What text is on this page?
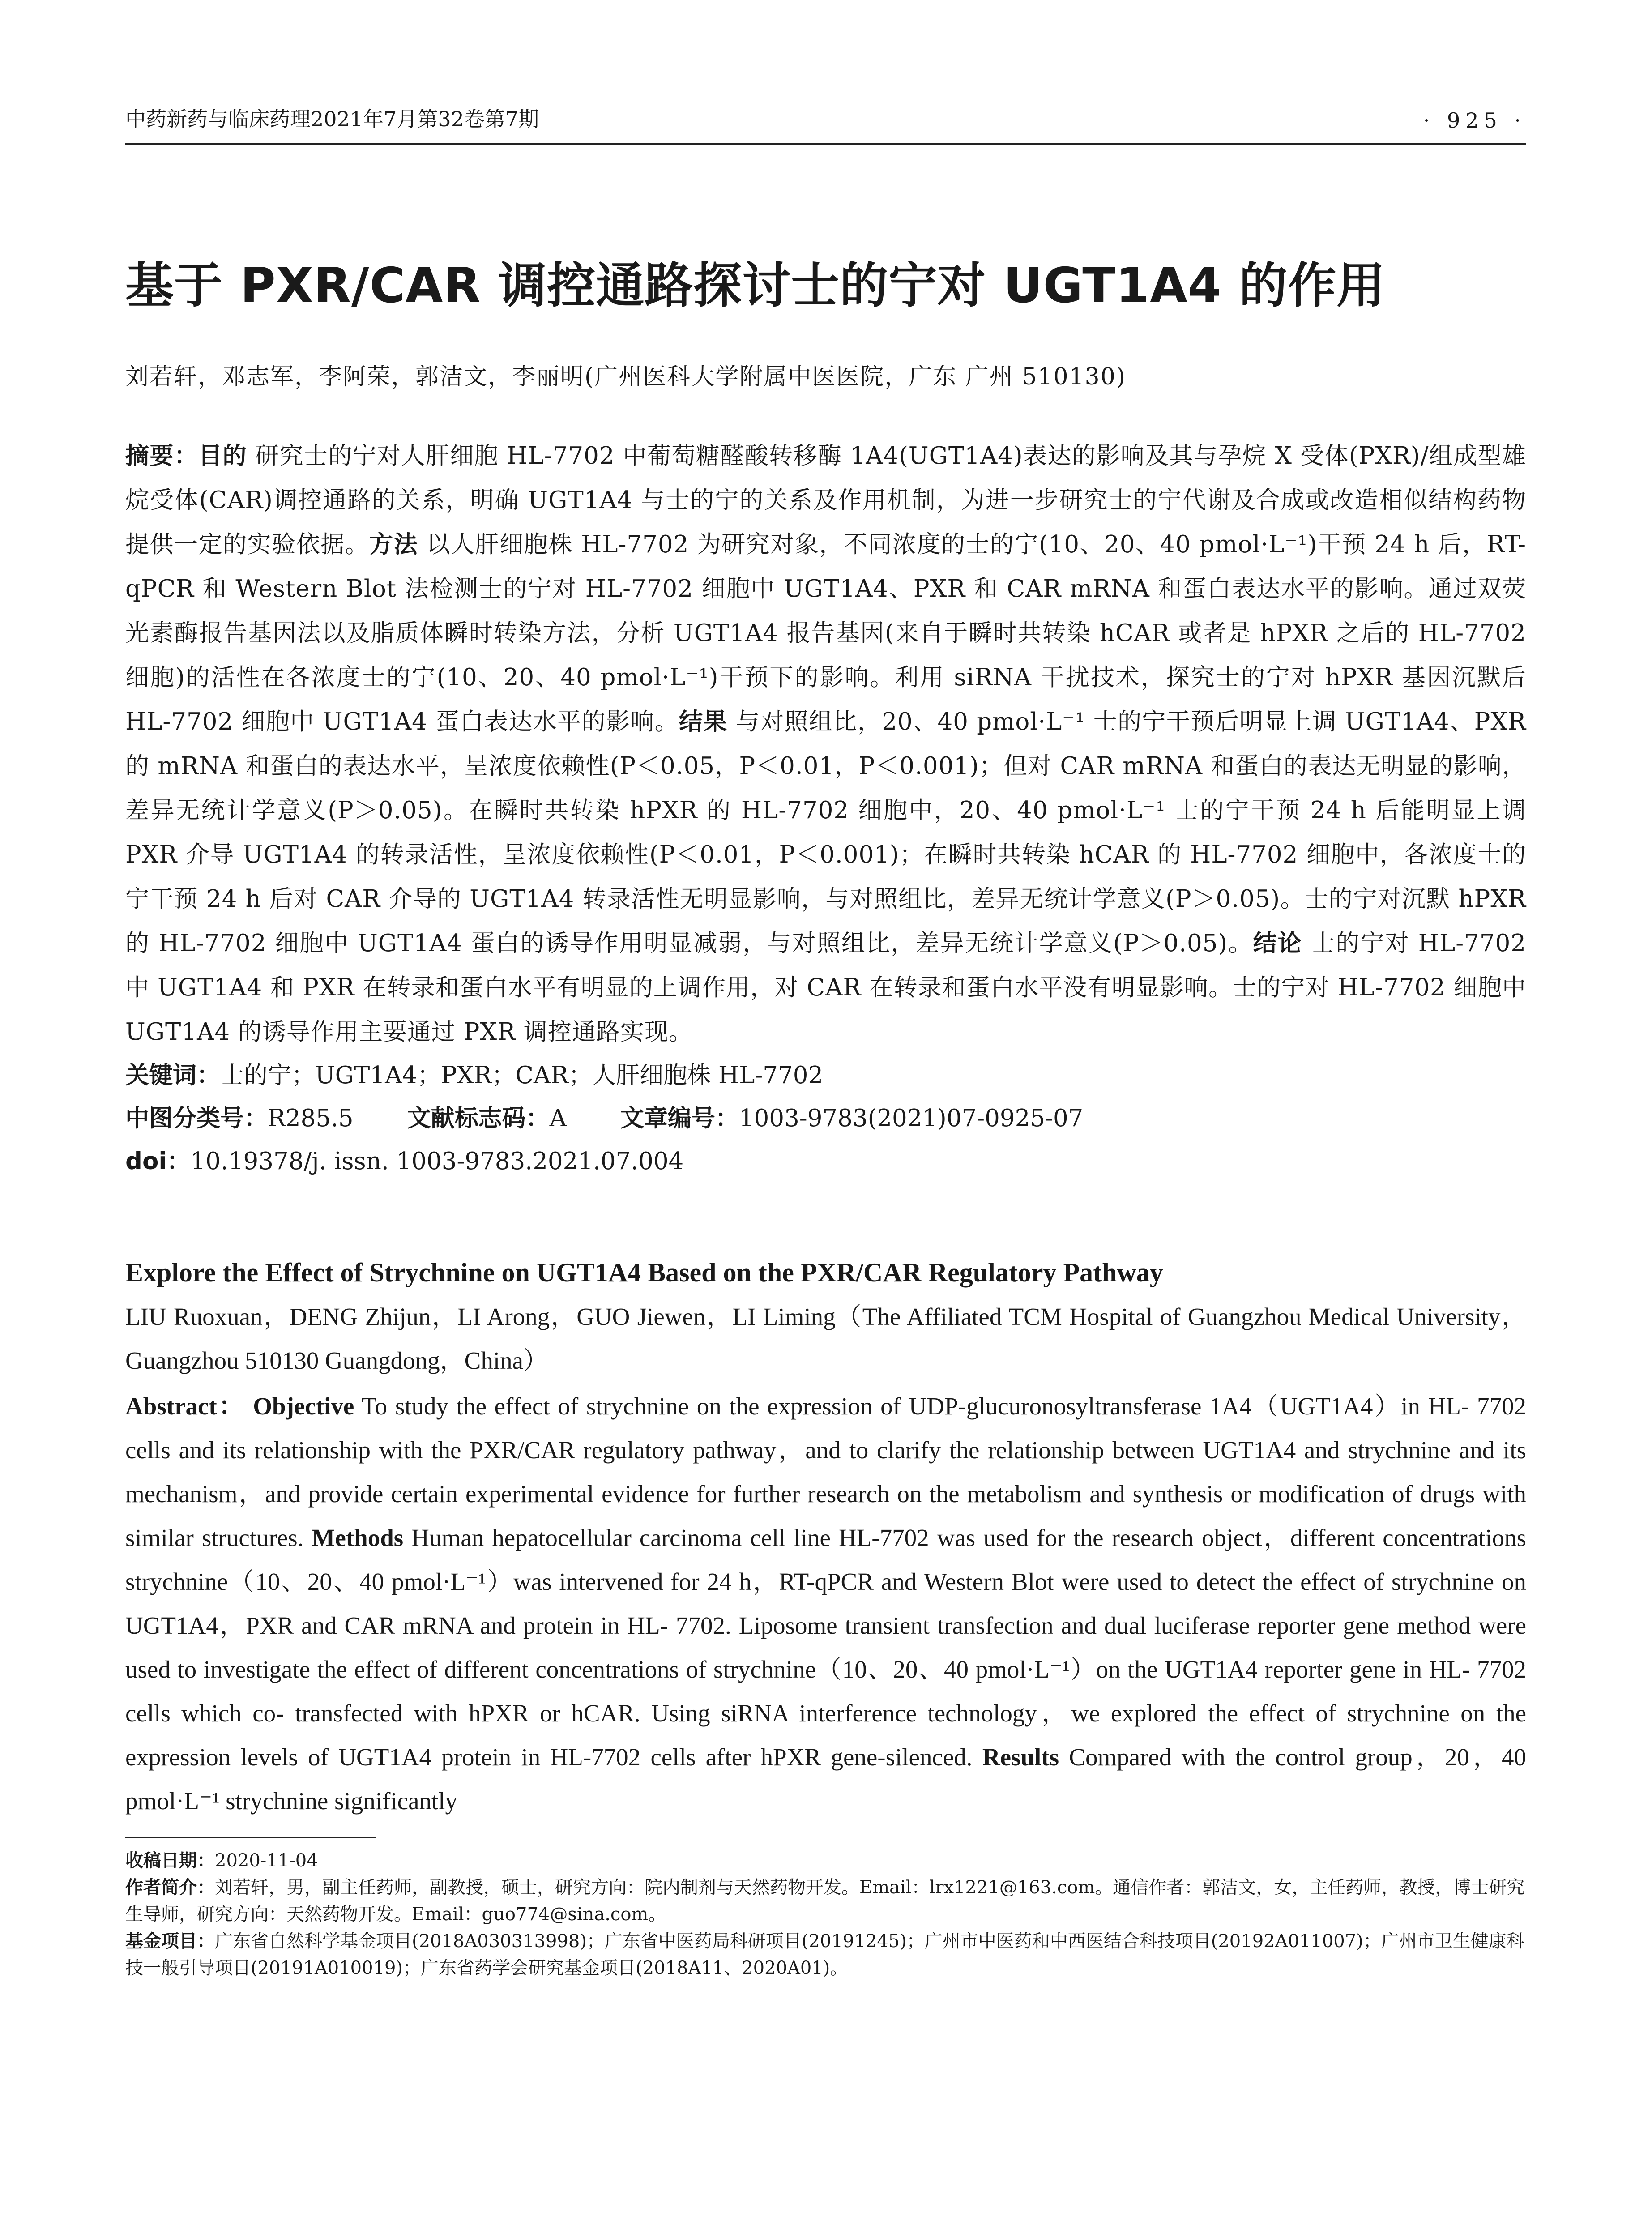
中药新药与临床药理2021年7月第32卷第7期	· 925 ·
基于 PXR/CAR 调控通路探讨士的宁对 UGT1A4 的作用
刘若轩，邓志军，李阿荣，郭洁文，李丽明(广州医科大学附属中医医院，广东 广州 510130)
摘要：目的 研究士的宁对人肝细胞 HL-7702 中葡萄糖醛酸转移酶 1A4(UGT1A4)表达的影响及其与孕烷 X 受体(PXR)/组成型雄烷受体(CAR)调控通路的关系，明确 UGT1A4 与士的宁的关系及作用机制，为进一步研究士的宁代谢及合成或改造相似结构药物提供一定的实验依据。方法 以人肝细胞株 HL-7702 为研究对象，不同浓度的士的宁(10、20、40 pmol·L⁻¹)干预 24 h 后，RT-qPCR 和 Western Blot 法检测士的宁对 HL-7702 细胞中 UGT1A4、PXR 和 CAR mRNA 和蛋白表达水平的影响。通过双荧光素酶报告基因法以及脂质体瞬时转染方法，分析 UGT1A4 报告基因(来自于瞬时共转染 hCAR 或者是 hPXR 之后的 HL-7702 细胞)的活性在各浓度士的宁(10、20、40 pmol·L⁻¹)干预下的影响。利用 siRNA 干扰技术，探究士的宁对 hPXR 基因沉默后 HL-7702 细胞中 UGT1A4 蛋白表达水平的影响。结果 与对照组比，20、40 pmol·L⁻¹ 士的宁干预后明显上调 UGT1A4、PXR 的 mRNA 和蛋白的表达水平，呈浓度依赖性(P＜0.05，P＜0.01，P＜0.001)；但对 CAR mRNA 和蛋白的表达无明显的影响，差异无统计学意义(P＞0.05)。在瞬时共转染 hPXR 的 HL-7702 细胞中，20、40 pmol·L⁻¹ 士的宁干预 24 h 后能明显上调 PXR 介导 UGT1A4 的转录活性，呈浓度依赖性(P＜0.01，P＜0.001)；在瞬时共转染 hCAR 的 HL-7702 细胞中，各浓度士的宁干预 24 h 后对 CAR 介导的 UGT1A4 转录活性无明显影响，与对照组比，差异无统计学意义(P＞0.05)。士的宁对沉默 hPXR 的 HL-7702 细胞中 UGT1A4 蛋白的诱导作用明显减弱，与对照组比，差异无统计学意义(P＞0.05)。结论 士的宁对 HL-7702 中 UGT1A4 和 PXR 在转录和蛋白水平有明显的上调作用，对 CAR 在转录和蛋白水平没有明显影响。士的宁对 HL-7702 细胞中 UGT1A4 的诱导作用主要通过 PXR 调控通路实现。
关键词：士的宁；UGT1A4；PXR；CAR；人肝细胞株 HL-7702
中图分类号：R285.5 文献标志码：A 文章编号：1003-9783(2021)07-0925-07
doi：10.19378/j. issn. 1003-9783.2021.07.004
Explore the Effect of Strychnine on UGT1A4 Based on the PXR/CAR Regulatory Pathway
LIU Ruoxuan，DENG Zhijun，LI Arong，GUO Jiewen，LI Liming（The Affiliated TCM Hospital of Guangzhou Medical University，Guangzhou 510130 Guangdong，China）
Abstract： Objective To study the effect of strychnine on the expression of UDP-glucuronosyltransferase 1A4（UGT1A4）in HL- 7702 cells and its relationship with the PXR/CAR regulatory pathway，and to clarify the relationship between UGT1A4 and strychnine and its mechanism，and provide certain experimental evidence for further research on the metabolism and synthesis or modification of drugs with similar structures. Methods Human hepatocellular carcinoma cell line HL-7702 was used for the research object，different concentrations strychnine（10、20、40 pmol·L⁻¹）was intervened for 24 h，RT-qPCR and Western Blot were used to detect the effect of strychnine on UGT1A4，PXR and CAR mRNA and protein in HL- 7702. Liposome transient transfection and dual luciferase reporter gene method were used to investigate the effect of different concentrations of strychnine（10、20、40 pmol·L⁻¹）on the UGT1A4 reporter gene in HL- 7702 cells which co- transfected with hPXR or hCAR. Using siRNA interference technology，we explored the effect of strychnine on the expression levels of UGT1A4 protein in HL-7702 cells after hPXR gene-silenced. Results Compared with the control group，20，40 pmol·L⁻¹ strychnine significantly
收稿日期：2020-11-04
作者简介：刘若轩，男，副主任药师，副教授，硕士，研究方向：院内制剂与天然药物开发。Email：lrx1221@163.com。通信作者：郭洁文，女，主任药师，教授，博士研究生导师，研究方向：天然药物开发。Email：guo774@sina.com。
基金项目：广东省自然科学基金项目(2018A030313998)；广东省中医药局科研项目(20191245)；广州市中医药和中西医结合科技项目(20192A011007)；广州市卫生健康科技一般引导项目(20191A010019)；广东省药学会研究基金项目(2018A11、2020A01)。
